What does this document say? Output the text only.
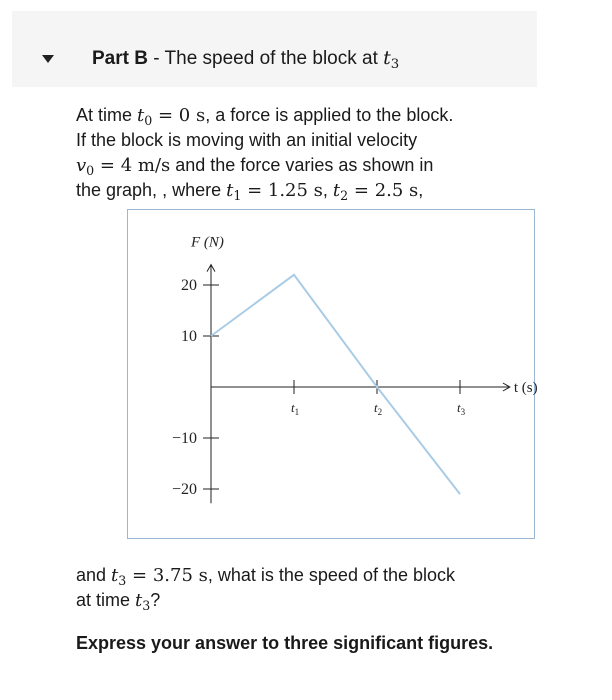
Part B - The speed of the block at $t_3$

At time $t_0 = 0$ s, a force is applied to the block.

If the block is moving with an initial velocity

$v_0 = 4$ m/s and the force varies as shown in

the graph, , where $t_1 = 1.25$ s, $t_2 = 2.5$ s,

20
10
−10
−20
$t_1$	$t_2$	$t_3$
F (N)
t (s)

and $t_3 = 3.75$ s, what is the speed of the block

at time $t_3$?

Express your answer to three significant figures.
